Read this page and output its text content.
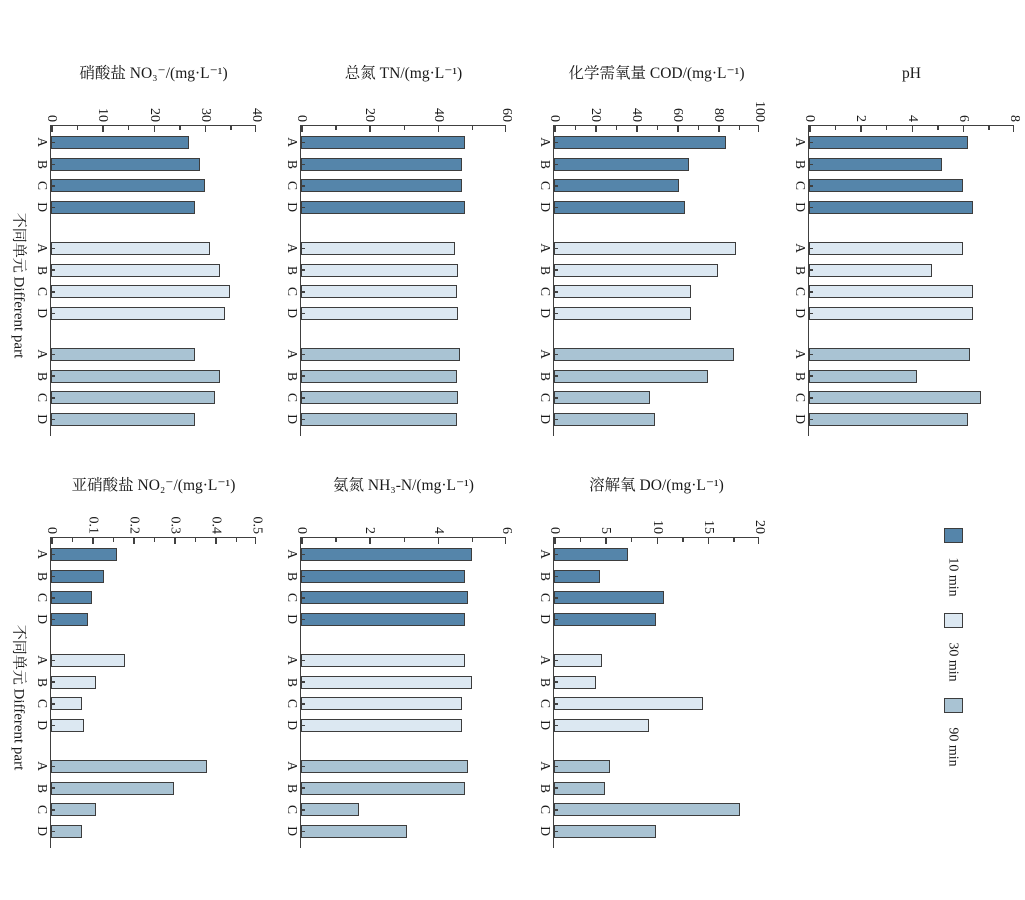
不同单元 Different part
不同单元 Different part
硝酸盐 NO₃⁻/(mg·L⁻¹)
0	10	20	30	40
A
B
C
D
A
B
C
D
A
B
C
D
总氮 TN/(mg·L⁻¹)
0	20	40	60
A
B
C
D
A
B
C
D
A
B
C
D
化学需氧量 COD/(mg·L⁻¹)
0 20 40 60 80 100
A
B
C
D
A
B
C
D
A
B
C
D
pH
0	2	4	6	8
A
B
C
D
A
B
C
D
A
B
C
D
亚硝酸盐 NO₂⁻/(mg·L⁻¹)
0 0.1 0.2 0.3 0.4 0.5
A
B
C
D
A
B
C
D
A
B
C
D
氨氮 NH₃-N/(mg·L⁻¹)
0	2	4	6
A
B
C
D
A
B
C
D
A
B
C
D
溶解氧 DO/(mg·L⁻¹)
0	5	10	15	20
A
B
C
D
A
B
C
D
A
B
C
D
10 min
30 min
90 min
